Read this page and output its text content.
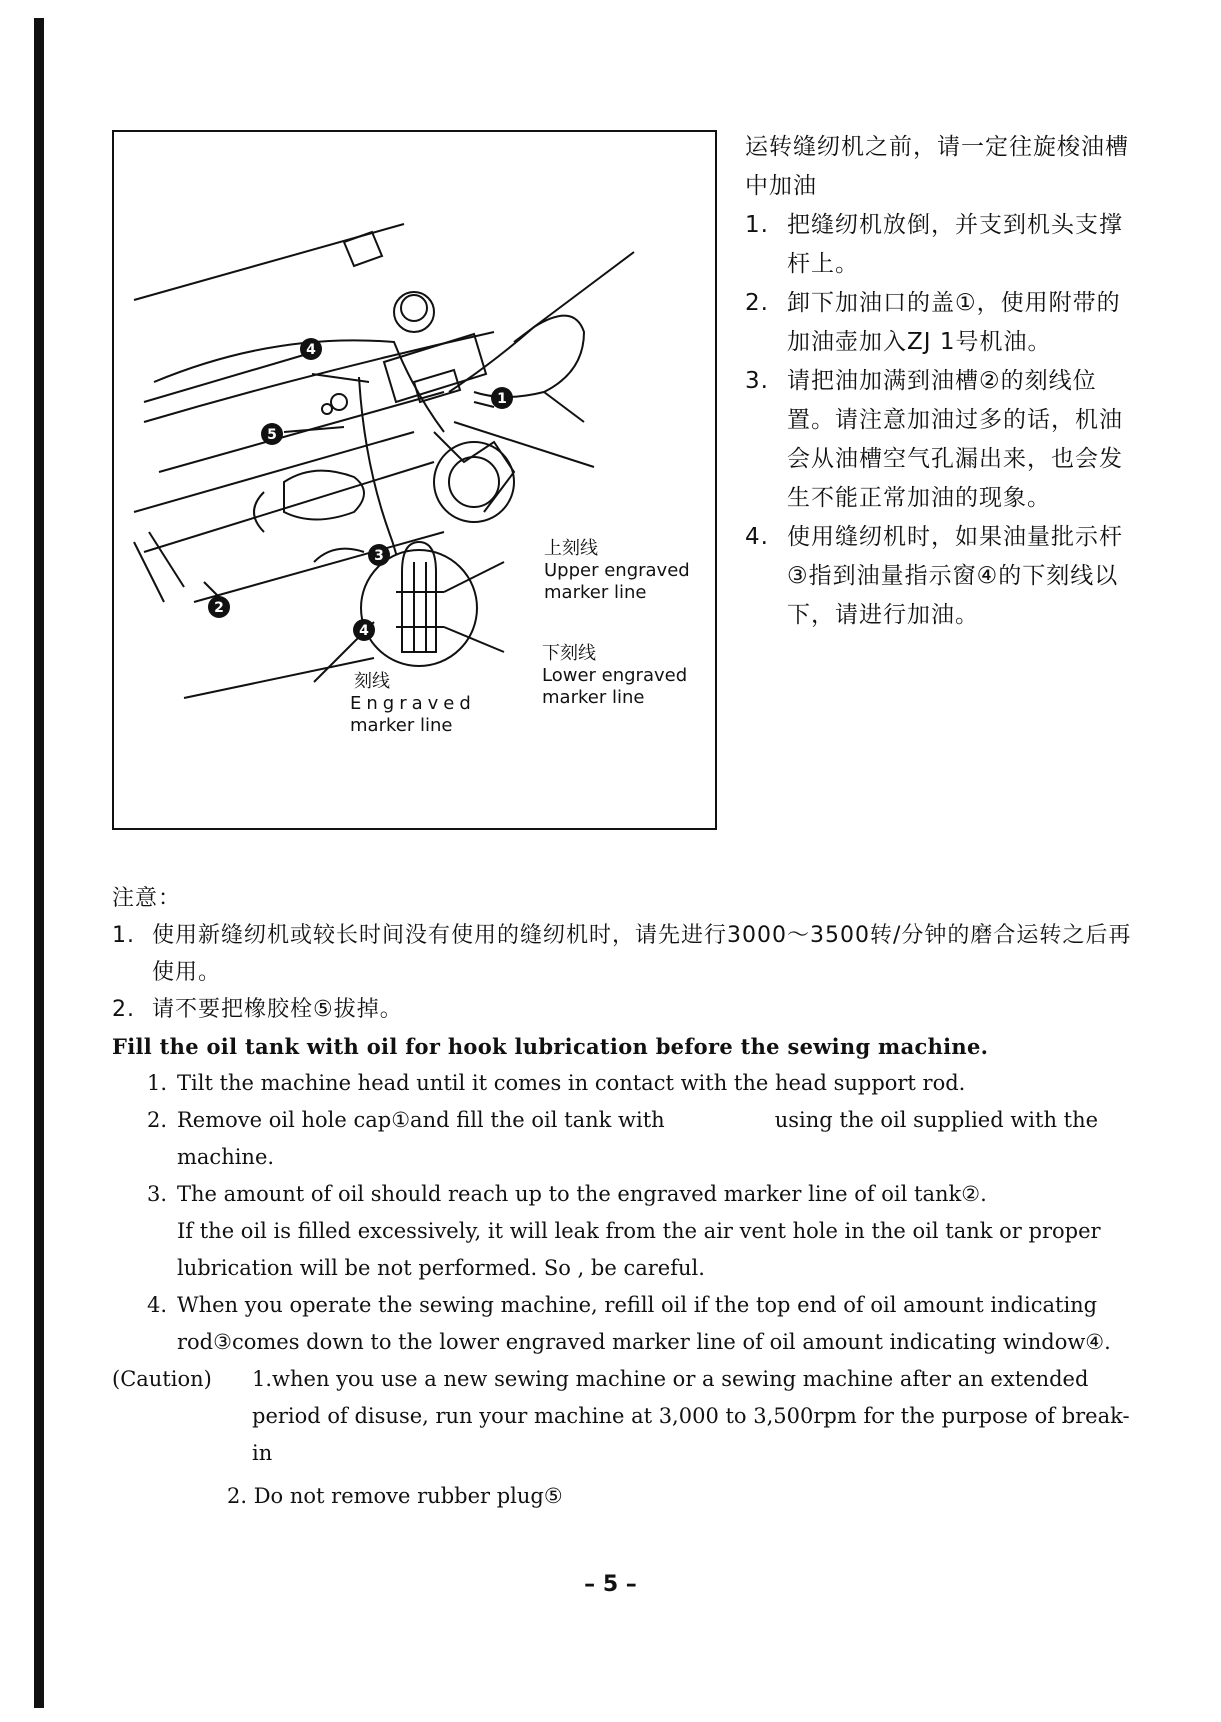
1
2
3
4
4
5
上刻线
Upper engraved
marker line
下刻线
Lower engraved
marker line
刻线
Engraved
marker line

运转缝纫机之前，请一定往旋梭油槽中加油

1. 把缝纫机放倒，并支到机头支撑杆上。
2. 卸下加油口的盖①，使用附带的加油壶加入ZJ 1号机油。
3. 请把油加满到油槽②的刻线位置。请注意加油过多的话，机油会从油槽空气孔漏出来，也会发生不能正常加油的现象。
4. 使用缝纫机时，如果油量批示杆③指到油量指示窗④的下刻线以下，请进行加油。

注意：

1. 使用新缝纫机或较长时间没有使用的缝纫机时，请先进行3000～3500转/分钟的磨合运转之后再使用。
2. 请不要把橡胶栓⑤拔掉。

Fill the oil tank with oil for hook lubrication before the sewing machine.

1. Tilt the machine head until it comes in contact with the head support rod.
2. Remove oil hole cap①and fill the oil tank with	using the oil supplied with the machine.
3. The amount of oil should reach up to the engraved marker line of oil tank②.
If the oil is filled excessively, it will leak from the air vent hole in the oil tank or proper lubrication will be not performed. So , be careful.
4. When you operate the sewing machine, refill oil if the top end of oil amount indicating rod③comes down to the lower engraved marker line of oil amount indicating window④.
(Caution)	1.when you use a new sewing machine or a sewing machine after an extended period of disuse, run your machine at 3,000 to 3,500rpm for the purpose of break-in
2. Do not remove rubber plug⑤
– 5 –
